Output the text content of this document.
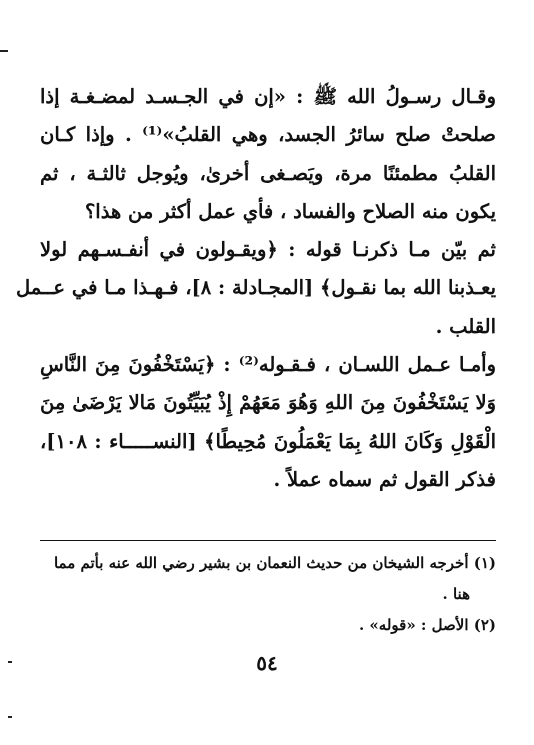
وقـال رسـولُ الله ﷺ : «إن في الجـسـد لمضـغـة إذا
صلحتْ صلح سائرُ الجسد، وهي القلبُ»⁽¹⁾ . وإذا كـان
القلبُ مطمئنًا مرة، ويَصـغى أخرىٰ، ويُوجل ثالثـة ، ثم
يكون منه الصلاح والفساد ، فأي عمل أكثر من هذا؟
ثم بيّن مـا ذكرنـا قوله : ﴿ويقـولون في أنفـسـهم لولا
يعـذبنا الله بما نقـول﴾ [المجـادلة : ٨]، فـهـذا مـا في عــمل
القلب .
وأمـا عـمل اللسـان ، فـقـوله⁽²⁾ : ﴿يَسْتَخْفُونَ مِنَ النَّاسِ
وَلا يَسْتَخْفُونَ مِنَ اللهِ وَهُوَ مَعَهُمْ إِذْ يُبَيِّتُونَ مَالا يَرْضَىٰ مِنَ
الْقَوْلِ وَكَانَ اللهُ بِمَا يَعْمَلُونَ مُحِيطًا﴾ [النســـــاء : ١٠٨]،
فذكر القول ثم سماه عملاً .
(١) أخرجه الشيخان من حديث النعمان بن بشير رضي الله عنه بأتم مما
هنا .
(٢) الأصل : «قوله» .
٥٤
